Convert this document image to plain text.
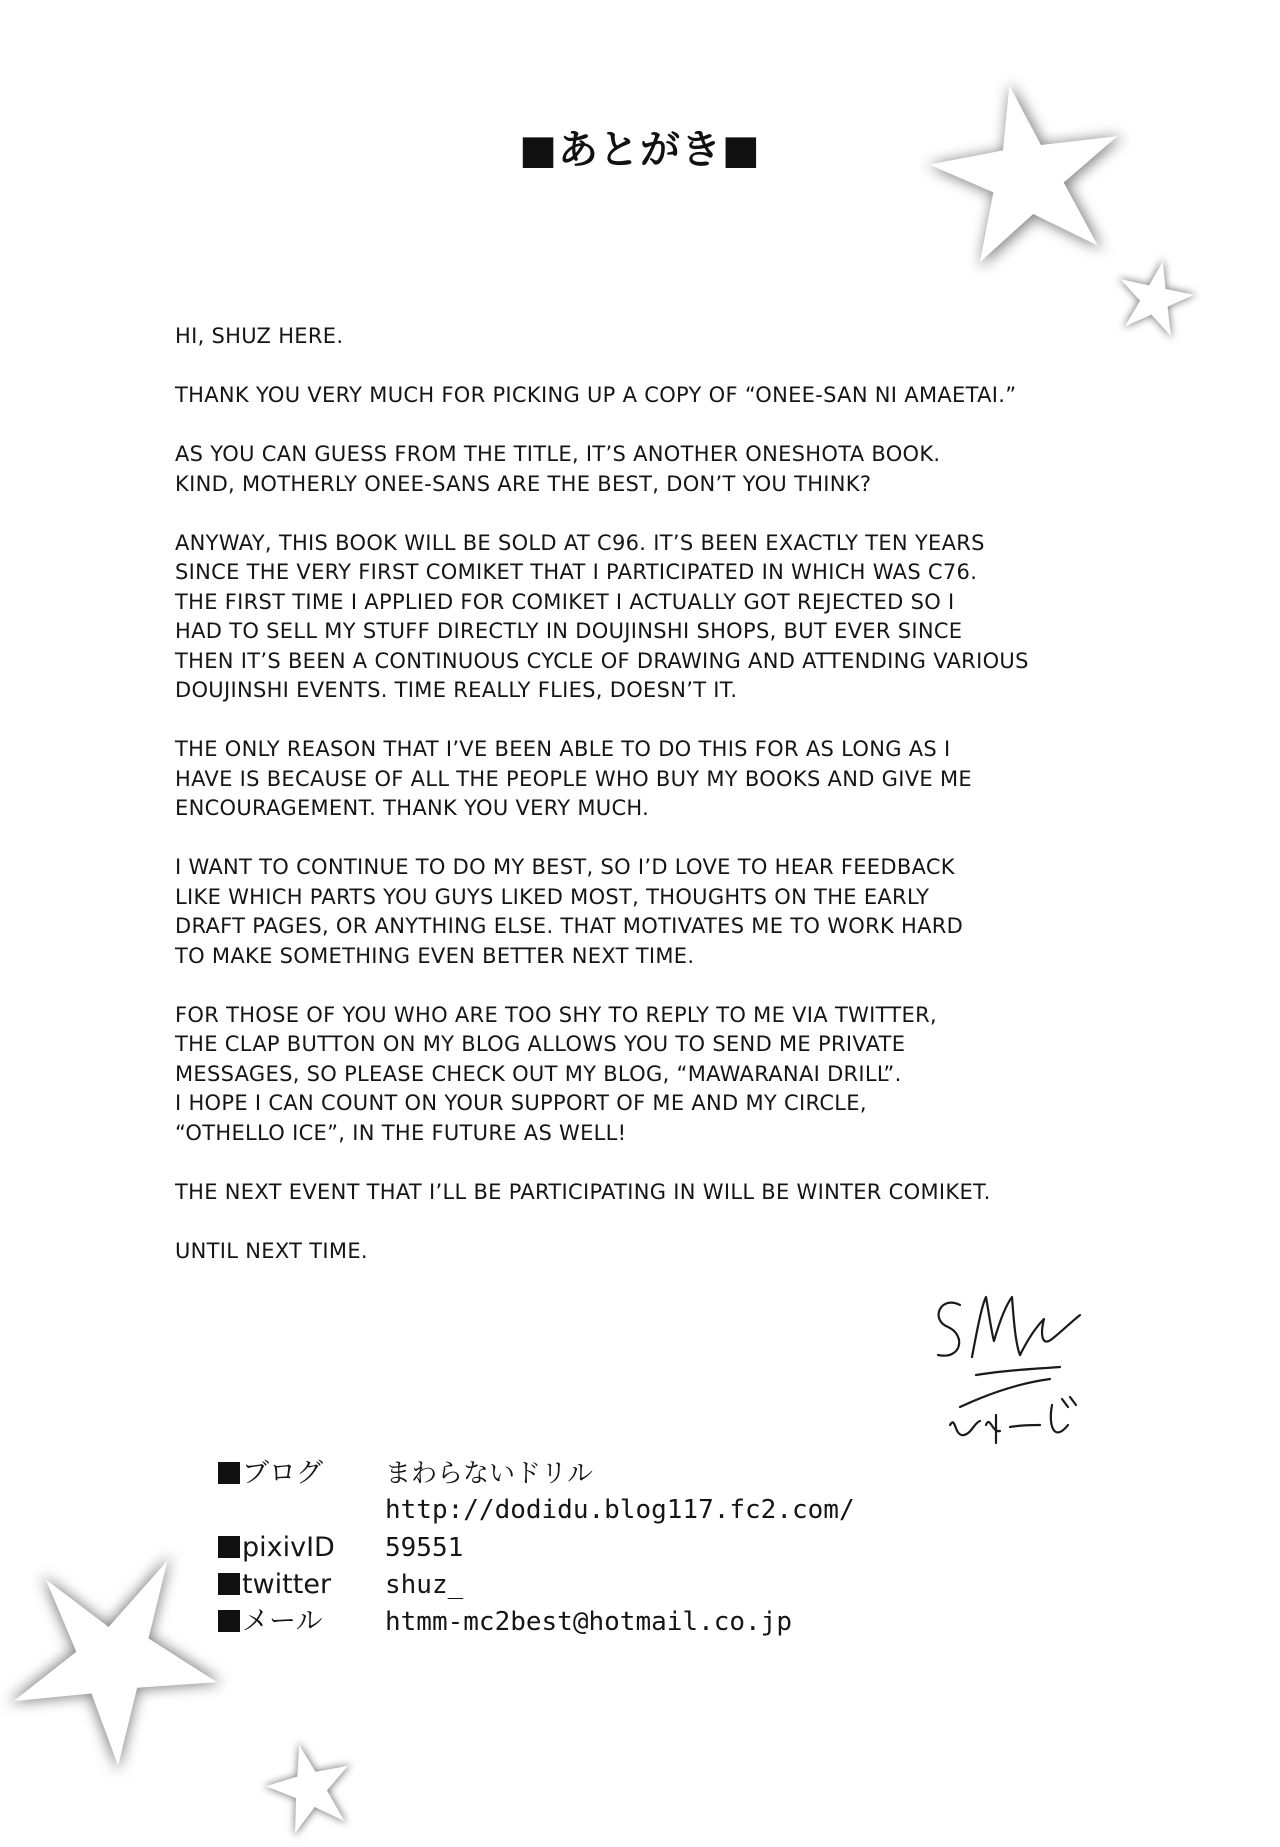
■あとがき■

HI, SHUZ HERE.

THANK YOU VERY MUCH FOR PICKING UP A COPY OF “ONEE-SAN NI AMAETAI.”

AS YOU CAN GUESS FROM THE TITLE, IT’S ANOTHER ONESHOTA BOOK.
KIND, MOTHERLY ONEE-SANS ARE THE BEST, DON’T YOU THINK?

ANYWAY, THIS BOOK WILL BE SOLD AT C96. IT’S BEEN EXACTLY TEN YEARS
SINCE THE VERY FIRST COMIKET THAT I PARTICIPATED IN WHICH WAS C76.
THE FIRST TIME I APPLIED FOR COMIKET I ACTUALLY GOT REJECTED SO I
HAD TO SELL MY STUFF DIRECTLY IN DOUJINSHI SHOPS, BUT EVER SINCE
THEN IT’S BEEN A CONTINUOUS CYCLE OF DRAWING AND ATTENDING VARIOUS
DOUJINSHI EVENTS. TIME REALLY FLIES, DOESN’T IT.

THE ONLY REASON THAT I’VE BEEN ABLE TO DO THIS FOR AS LONG AS I
HAVE IS BECAUSE OF ALL THE PEOPLE WHO BUY MY BOOKS AND GIVE ME
ENCOURAGEMENT. THANK YOU VERY MUCH.

I WANT TO CONTINUE TO DO MY BEST, SO I’D LOVE TO HEAR FEEDBACK
LIKE WHICH PARTS YOU GUYS LIKED MOST, THOUGHTS ON THE EARLY
DRAFT PAGES, OR ANYTHING ELSE. THAT MOTIVATES ME TO WORK HARD
TO MAKE SOMETHING EVEN BETTER NEXT TIME.

FOR THOSE OF YOU WHO ARE TOO SHY TO REPLY TO ME VIA TWITTER,
THE CLAP BUTTON ON MY BLOG ALLOWS YOU TO SEND ME PRIVATE
MESSAGES, SO PLEASE CHECK OUT MY BLOG, “MAWARANAI DRILL”.
I HOPE I CAN COUNT ON YOUR SUPPORT OF ME AND MY CIRCLE,
“OTHELLO ICE”, IN THE FUTURE AS WELL!

THE NEXT EVENT THAT I’LL BE PARTICIPATING IN WILL BE WINTER COMIKET.

UNTIL NEXT TIME.

ブログ	まわらないドリル
http://dodidu.blog117.fc2.com/
pixivID	59551
twitter	shuz_
メール	htmm-mc2best@hotmail.co.jp
